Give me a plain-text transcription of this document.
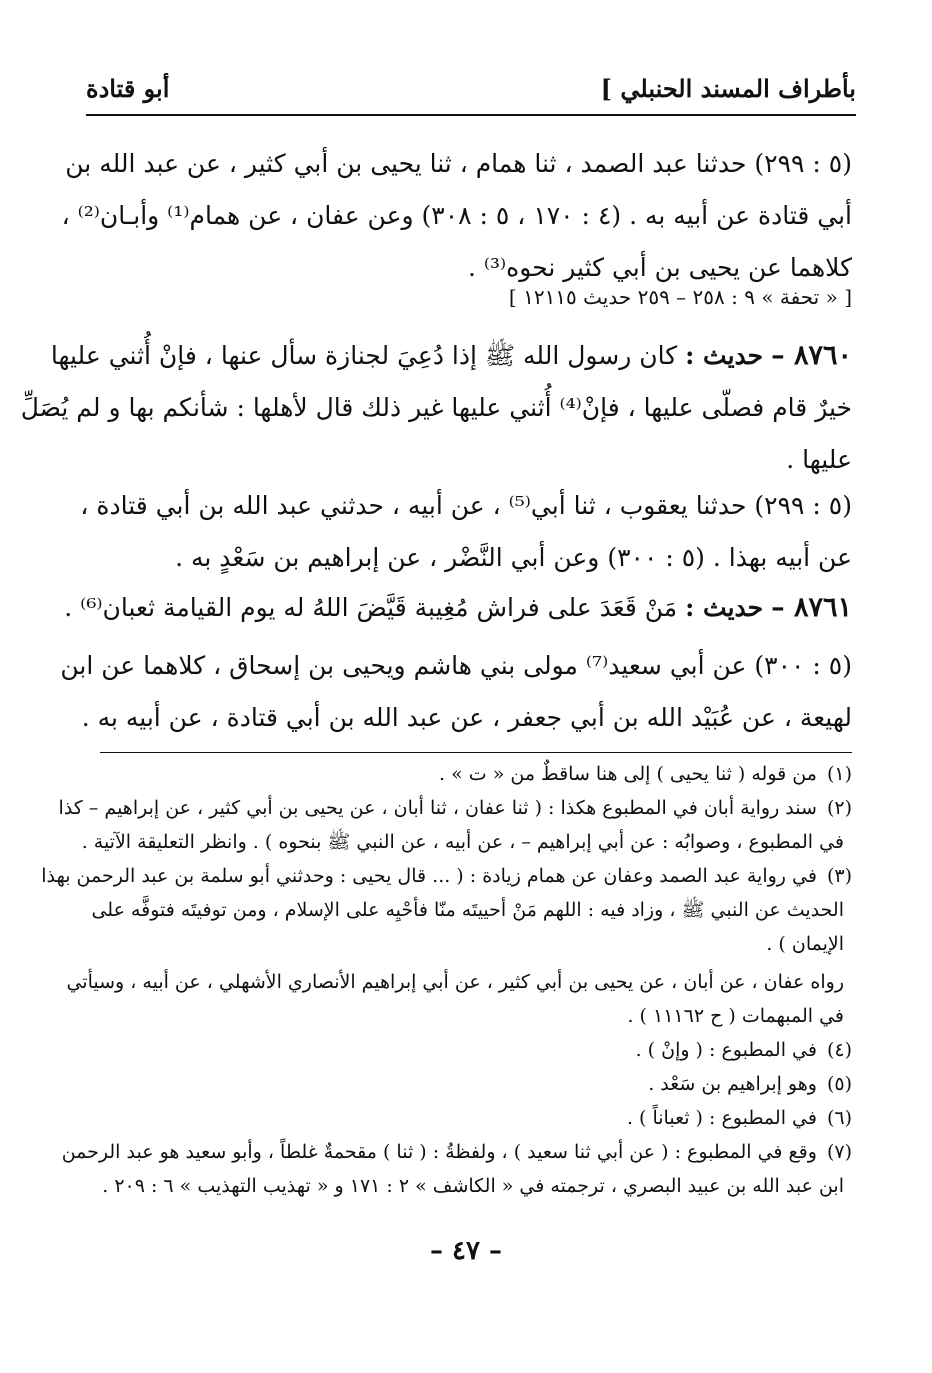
بأطراف المسند الحنبلي ]
أبو قتادة
(٥ : ٢٩٩) حدثنا عبد الصمد ، ثنا همام ، ثنا يحيى بن أبي كثير ، عن عبد الله بن
أبي قتادة عن أبيه به . (٤ : ١٧٠ ، ٥ : ٣٠٨) وعن عفان ، عن همام⁽¹⁾ وأبـان⁽²⁾ ،
كلاهما عن يحيى بن أبي كثير نحوه⁽³⁾ .
[ « تحفة » ٩ : ٢٥٨ – ٢٥٩ حديث ١٢١١٥ ]
٨٧٦٠ – حديث : كان رسول الله ﷺ إذا دُعِيَ لجنازة سأل عنها ، فإنْ أُثني عليها
خيرٌ قام فصلّى عليها ، فإنْ⁽⁴⁾ أُثني عليها غير ذلك قال لأهلها : شأنكم بها و لم يُصَلِّ
عليها .
(٥ : ٢٩٩) حدثنا يعقوب ، ثنا أبي⁽⁵⁾ ، عن أبيه ، حدثني عبد الله بن أبي قتادة ،
عن أبيه بهذا . (٥ : ٣٠٠) وعن أبي النَّضْر ، عن إبراهيم بن سَعْدٍ به .
٨٧٦١ – حديث : مَنْ قَعَدَ على فراش مُغِيبة قَيَّضَ اللهُ له يوم القيامة ثعبان⁽⁶⁾ .
(٥ : ٣٠٠) عن أبي سعيد⁽⁷⁾ مولى بني هاشم ويحيى بن إسحاق ، كلاهما عن ابن
لهيعة ، عن عُبَيْد الله بن أبي جعفر ، عن عبد الله بن أبي قتادة ، عن أبيه به .
(١)من قوله ( ثنا يحيى ) إلى هنا ساقطٌ من « ت » .
(٢)سند رواية أبان في المطبوع هكذا : ( ثنا عفان ، ثنا أبان ، عن يحيى بن أبي كثير ، عن إبراهيم – كذا
في المطبوع ، وصوابُه : عن أبي إبراهيم – ، عن أبيه ، عن النبي ﷺ بنحوه ) . وانظر التعليقة الآتية .
(٣)في رواية عبد الصمد وعفان عن همام زيادة : ( ... قال يحيى : وحدثني أبو سلمة بن عبد الرحمن بهذا
الحديث عن النبي ﷺ ، وزاد فيه : اللهم مَنْ أحييتَه منّا فأحْيِه على الإسلام ، ومن توفيتَه فتوفَّه على
الإيمان ) .
رواه عفان ، عن أبان ، عن يحيى بن أبي كثير ، عن أبي إبراهيم الأنصاري الأشهلي ، عن أبيه ، وسيأتي
في المبهمات ( ح ١١١٦٢ ) .
(٤)في المطبوع : ( وإنْ ) .
(٥)وهو إبراهيم بن سَعْد .
(٦)في المطبوع : ( ثعباناً ) .
(٧)وقع في المطبوع : ( عن أبي ثنا سعيد ) ، ولفظةُ : ( ثنا ) مقحمةٌ غلطاً ، وأبو سعيد هو عبد الرحمن
ابن عبد الله بن عبيد البصري ، ترجمته في « الكاشف » ٢ : ١٧١ و « تهذيب التهذيب » ٦ : ٢٠٩ .
– ٤٧ –
